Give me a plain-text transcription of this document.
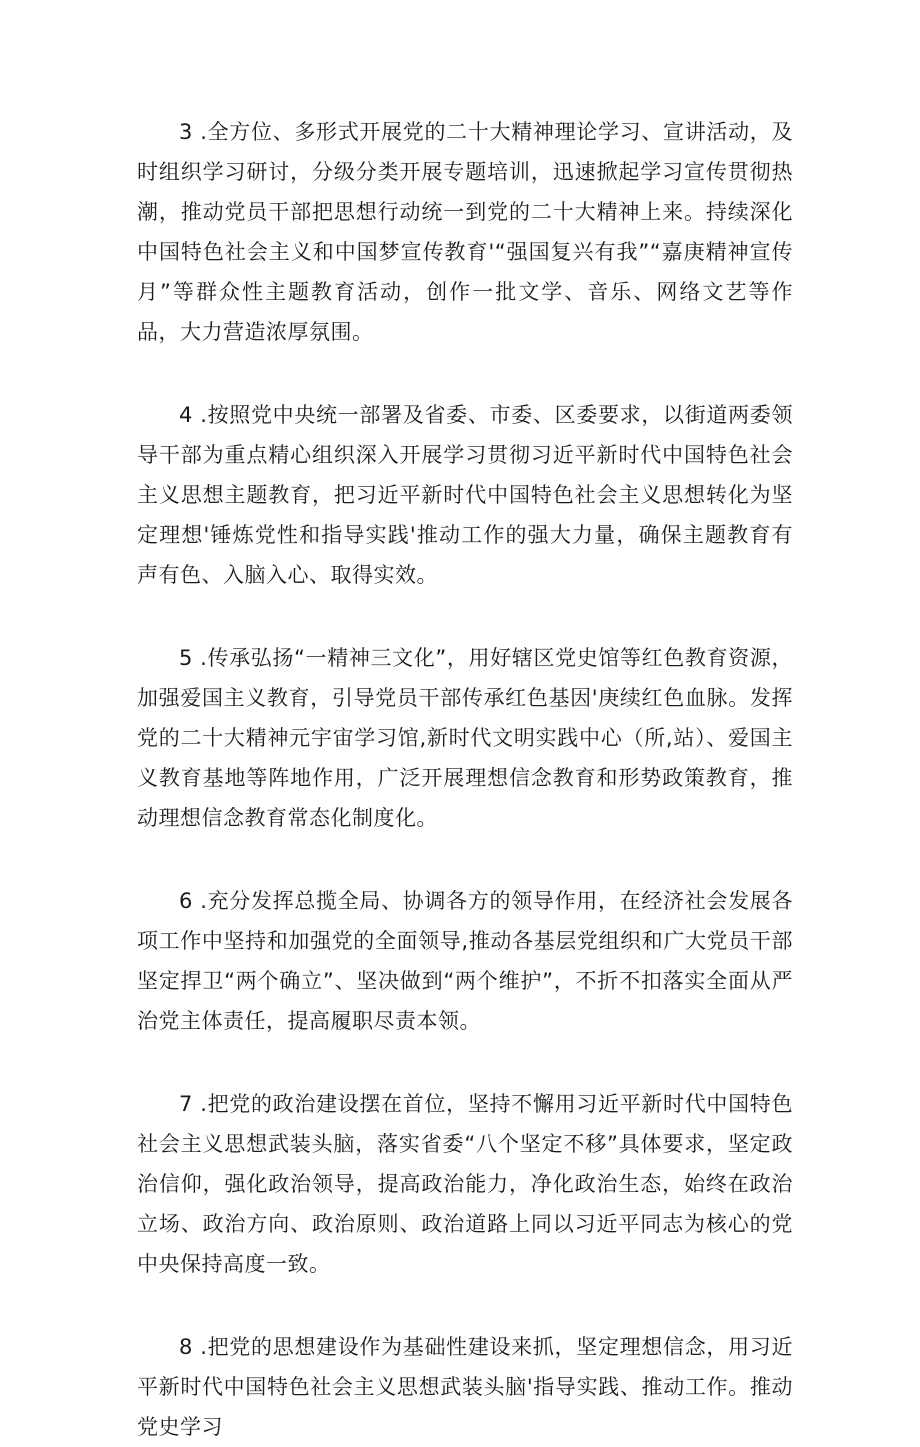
3 .全方位、多形式开展党的二十大精神理论学习、宣讲活动，及时组织学习研讨，分级分类开展专题培训，迅速掀起学习宣传贯彻热潮，推动党员干部把思想行动统一到党的二十大精神上来。持续深化中国特色社会主义和中国梦宣传教育'“强国复兴有我”“嘉庚精神宣传月”等群众性主题教育活动，创作一批文学、音乐、网络文艺等作品，大力营造浓厚氛围。

4 .按照党中央统一部署及省委、市委、区委要求，以街道两委领导干部为重点精心组织深入开展学习贯彻习近平新时代中国特色社会主义思想主题教育，把习近平新时代中国特色社会主义思想转化为坚定理想'锤炼党性和指导实践'推动工作的强大力量，确保主题教育有声有色、入脑入心、取得实效。

5 .传承弘扬“一精神三文化”，用好辖区党史馆等红色教育资源，加强爱国主义教育，引导党员干部传承红色基因'庚续红色血脉。发挥党的二十大精神元宇宙学习馆,新时代文明实践中心（所,站）、爱国主义教育基地等阵地作用，广泛开展理想信念教育和形势政策教育，推动理想信念教育常态化制度化。

6 .充分发挥总揽全局、协调各方的领导作用，在经济社会发展各项工作中坚持和加强党的全面领导,推动各基层党组织和广大党员干部坚定捍卫“两个确立”、坚决做到“两个维护”，不折不扣落实全面从严治党主体责任，提高履职尽责本领。

7 .把党的政治建设摆在首位，坚持不懈用习近平新时代中国特色社会主义思想武装头脑，落实省委“八个坚定不移”具体要求，坚定政治信仰，强化政治领导，提高政治能力，净化政治生态，始终在政治立场、政治方向、政治原则、政治道路上同以习近平同志为核心的党中央保持高度一致。

8 .把党的思想建设作为基础性建设来抓，坚定理想信念，用习近平新时代中国特色社会主义思想武装头脑'指导实践、推动工作。推动党史学习
